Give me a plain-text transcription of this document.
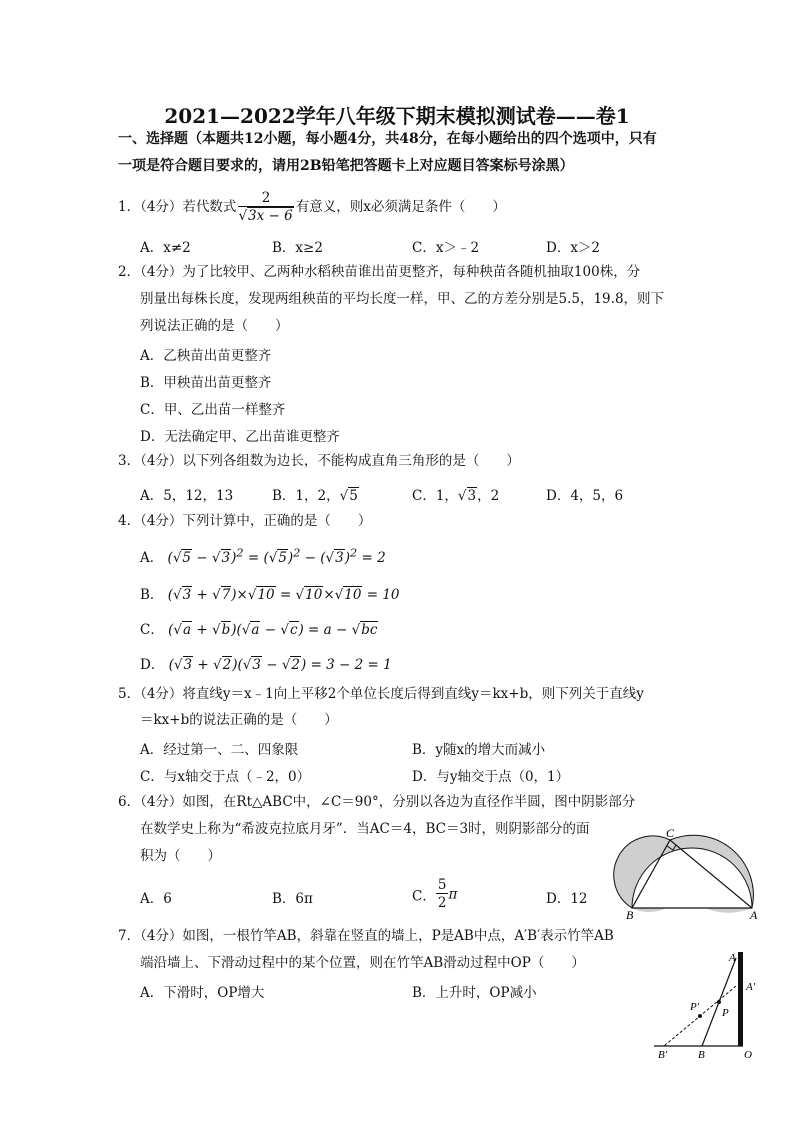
2021—2022学年八年级下期末模拟测试卷——卷1
一、选择题（本题共12小题，每小题4分，共48分，在每小题给出的四个选项中，只有
一项是符合题目要求的，请用2B铅笔把答题卡上对应题目答案标号涂黑）
1．（4分）若代数式 $\frac{2}{√3x - 6}$ 有意义，则x必须满足条件（　　）
A．x≠2	B．x≥2	C．x＞﹣2	D．x＞2
2．（4分）为了比较甲、乙两种水稻秧苗谁出苗更整齐，每种秧苗各随机抽取100株，分
别量出每株长度，发现两组秧苗的平均长度一样，甲、乙的方差分别是5.5，19.8，则下
列说法正确的是（　　）
A．乙秧苗出苗更整齐
B．甲秧苗出苗更整齐
C．甲、乙出苗一样整齐
D．无法确定甲、乙出苗谁更整齐
3．（4分）以下列各组数为边长，不能构成直角三角形的是（　　）
A．5，12，13	B．1，2，√5	C．1，√3，2	D．4，5，6
4．（4分）下列计算中，正确的是（　　）
A． $(√5 - √3)^2 = (√5)^2 - (√3)^2 = 2$
B． (√3 + √7)×√10 = √10×√10 = 10
C． (√a + √b)(√a − √c) = a − √bc
D． (√3 + √2)(√3 − √2) = 3 − 2 = 1
5．（4分）将直线y＝x﹣1向上平移2个单位长度后得到直线y＝kx+b，则下列关于直线y
＝kx+b的说法正确的是（　　）
A．经过第一、二、四象限	B．y随x的增大而减小
C．与x轴交于点（﹣2，0）	D．与y轴交于点（0，1）
6．（4分）如图，在Rt△ABC中，∠C＝90°，分别以各边为直径作半圆，图中阴影部分
在数学史上称为“希波克拉底月牙”．当AC＝4，BC＝3时，则阴影部分的面
积为（　　）
A．6	B．6π	C． $\frac{5}{2}$ π	D．12
C
B	A
7．（4分）如图，一根竹竿AB，斜靠在竖直的墙上，P是AB中点，A′B′表示竹竿AB
端沿墙上、下滑动过程中的某个位置，则在竹竿AB滑动过程中OP（　　）
A．下滑时，OP增大	B．上升时，OP减小
A
A′
P
P′
B
B′	O
